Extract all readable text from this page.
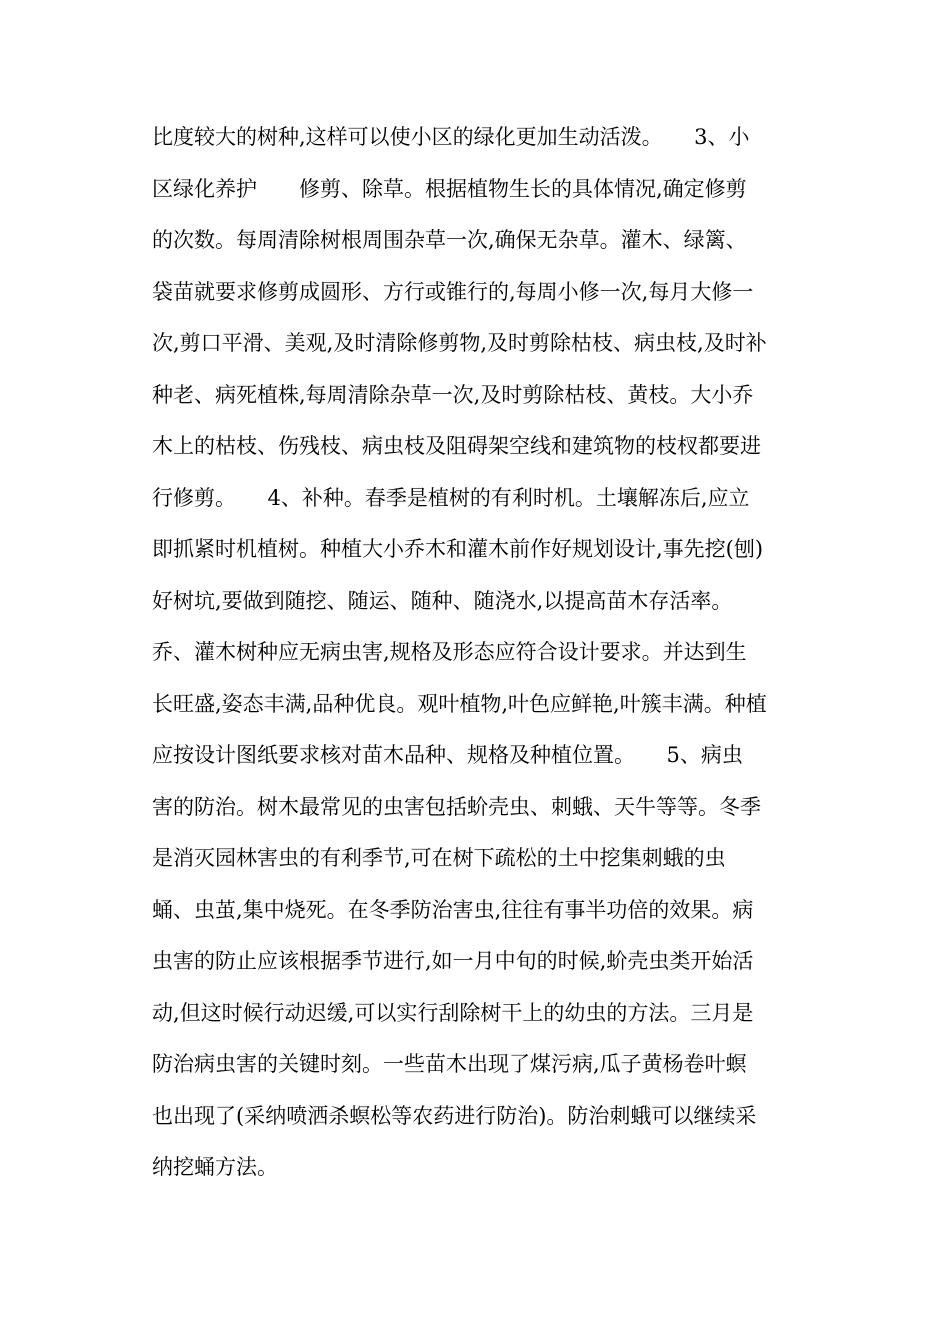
比度较大的树种,这样可以使小区的绿化更加生动活泼。　　3、小
区绿化养护　　修剪、除草。根据植物生长的具体情况,确定修剪
的次数。每周清除树根周围杂草一次,确保无杂草。灌木、绿篱、
袋苗就要求修剪成圆形、方行或锥行的,每周小修一次,每月大修一
次,剪口平滑、美观,及时清除修剪物,及时剪除枯枝、病虫枝,及时补
种老、病死植株,每周清除杂草一次,及时剪除枯枝、黄枝。大小乔
木上的枯枝、伤残枝、病虫枝及阻碍架空线和建筑物的枝杈都要进
行修剪。　　4、补种。春季是植树的有利时机。土壤解冻后,应立
即抓紧时机植树。种植大小乔木和灌木前作好规划设计,事先挖(刨)
好树坑,要做到随挖、随运、随种、随浇水,以提高苗木存活率。
乔、灌木树种应无病虫害,规格及形态应符合设计要求。并达到生
长旺盛,姿态丰满,品种优良。观叶植物,叶色应鲜艳,叶簇丰满。种植
应按设计图纸要求核对苗木品种、规格及种植位置。　　5、病虫
害的防治。树木最常见的虫害包括蚧壳虫、刺蛾、天牛等等。冬季
是消灭园林害虫的有利季节,可在树下疏松的土中挖集刺蛾的虫
蛹、虫茧,集中烧死。在冬季防治害虫,往往有事半功倍的效果。病
虫害的防止应该根据季节进行,如一月中旬的时候,蚧壳虫类开始活
动,但这时候行动迟缓,可以实行刮除树干上的幼虫的方法。三月是
防治病虫害的关键时刻。一些苗木出现了煤污病,瓜子黄杨卷叶螟
也出现了(采纳喷洒杀螟松等农药进行防治)。防治刺蛾可以继续采
纳挖蛹方法。
